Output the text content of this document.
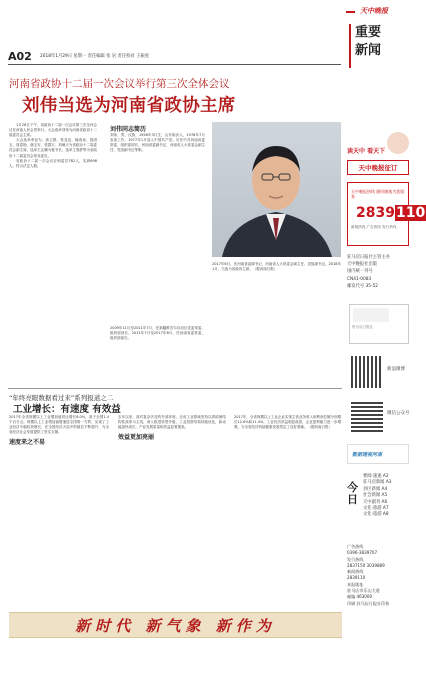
A02 2018年1月29日 星期一 责任编辑 张 岩 责任校对 王振虎
天中晚报
重要
新闻
河南省政协十二届一次会议举行第三次全体会议
刘伟当选为河南省政协主席

1月28日下午，省政协十二届一次会议第三次全体会议在河南人民会堂举行。大会选举刘伟为河南省政协十二届委员会主席。

大会选举李亚为、高卫群、张亚忠、喻清泉、钱国玉、周春艳、谢玉安、张震宇、刘炯天为省政协十二届委员会副主席，选举王志鹏为秘书长，选举王春舒等为省政协十二届委员会常务委员。

省政协十二届一次会议应到委员782人，实到698人，符合法定人数。

刘伟同志简历
刘伟，男，汉族，1958年3月生，山东临沂人，1976年7月参加工作，1977年1月加入中国共产党。历任中共河南省委常委、组织部部长，河南省委副书记，河南省人大常委会副主任、党组副书记等职。
2009年11月至2011年7月，任新疆维吾尔自治区党委常委、组织部部长。2011年7月至2017年6月，任河南省委常委、组织部部长。
2017年6月，任河南省委副书记，河南省人大常委会副主任、党组副书记。2018年1月，当选为省政协主席。（据河南日报）
“年终亮眼数据看过来”系列报道之二
工业增长：有速度 有效益
2017年全省规模以上工业增加值同比增长8.0%，高于全国1.4个百分点。规模以上工业增加值增速居全国第一方阵，实现了工业经济平稳较快增长，在全国经济大局中的地位不断提升，为全省经济社会发展提供了坚实支撑。
速度来之不易
去年以来，面对复杂多变的外部环境，全省工业领域坚持以供给侧结构性改革为主线，深入推进转型升级，工业投资结构持续优化，新动能加快成长，产业发展质量和效益显著提高。
效益更加亮丽
2017年，全省规模以上工业企业实现主营业务收入和利润总额分别增长12.6%和11.4%，工业经济效益明显改善，企业盈利能力进一步增强，为全省经济持续健康发展奠定了良好基础。（据河南日报）
新时代 新气象 新作为
读天中 看天下
天中晚报征订
天中晚报热线 随时随地为您服务
2839110
新闻热线 广告热线 发行热线
驻马店日报社主管主办
天中晚报社出版
国内统一刊号
CN41-0083
邮发代号 35-52
驻马店日报社
新浪微博
微信公众号
数据透视河南
今日
要闻·速递 A2
驻马店新闻 A3
县区新闻 A4
社会新闻 A5
天中副刊 A6
文化·旅游 A7
文化·旅游 A8
广告热线
0396-3839707
发行热线
2837150 3039889
新闻热线
2839110
本报地址
驻马店市乐山大道
邮编 463000
印刷 驻马店日报社印务
